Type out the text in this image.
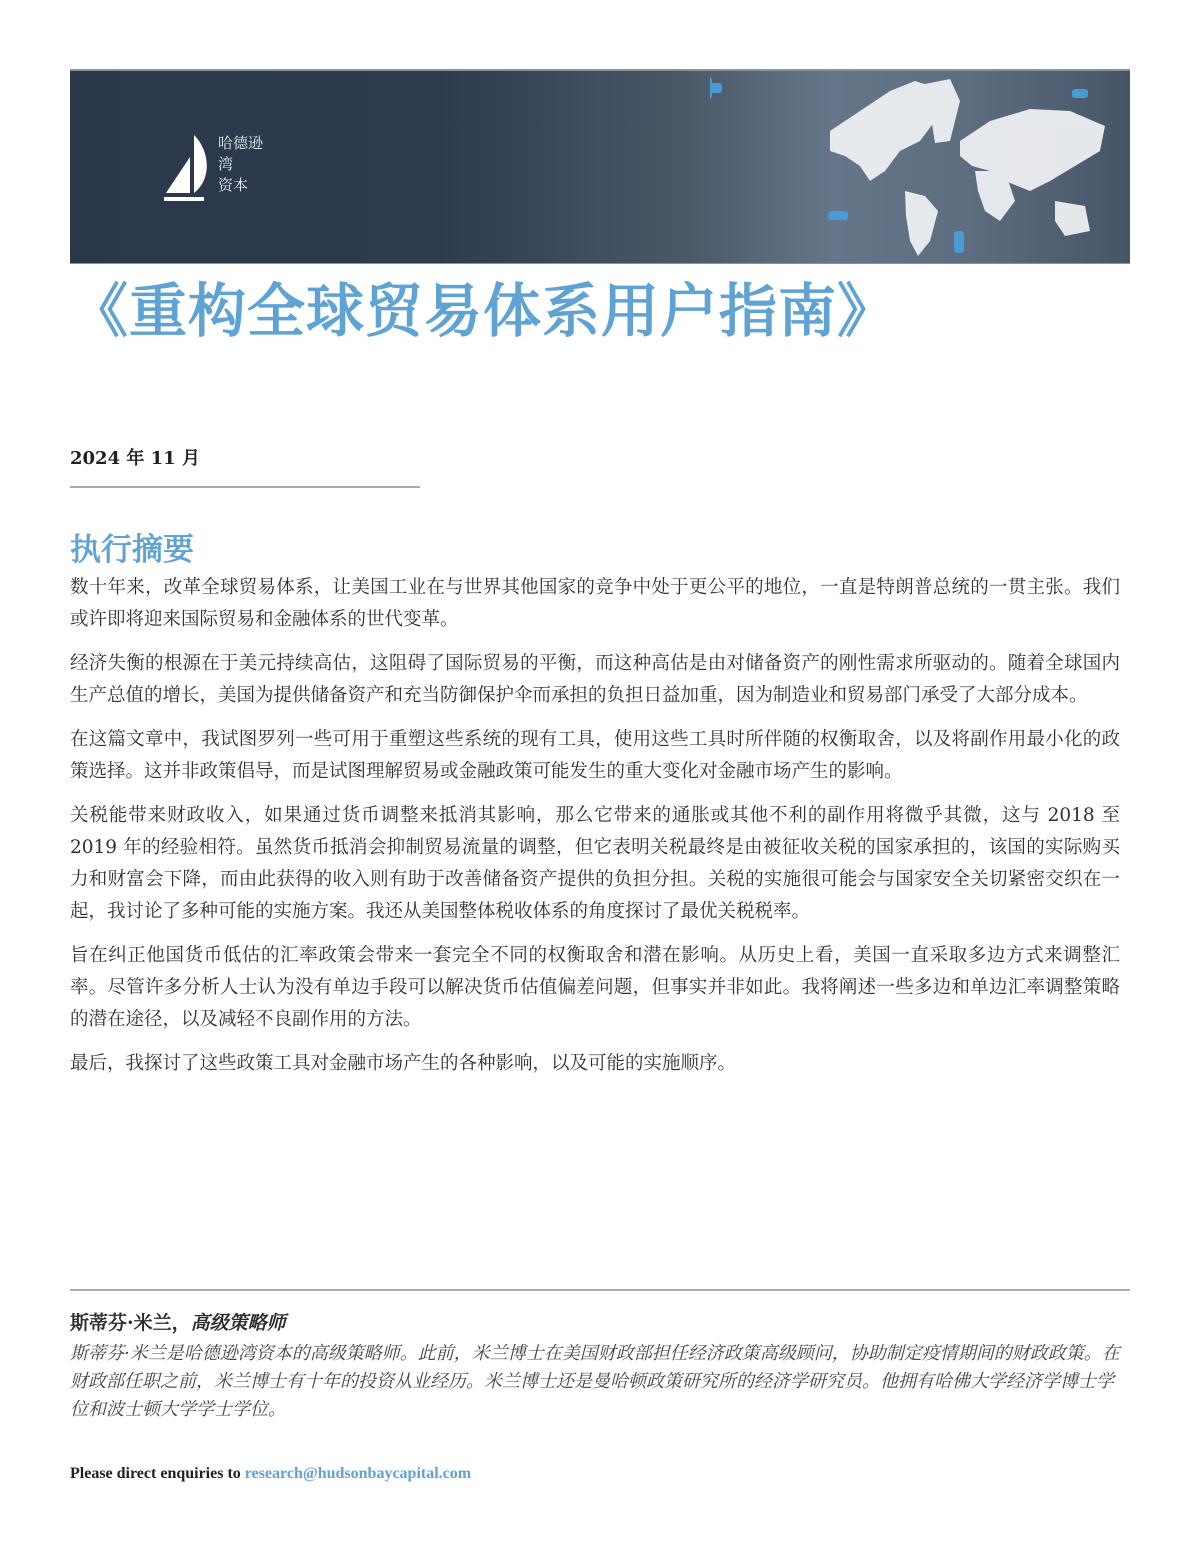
哈德逊
湾
资本
《重构全球贸易体系用户指南》
2024 年 11 月
执行摘要

数十年来，改革全球贸易体系，让美国工业在与世界其他国家的竞争中处于更公平的地位，一直是特朗普总统的一贯主张。我们或许即将迎来国际贸易和金融体系的世代变革。

经济失衡的根源在于美元持续高估，这阻碍了国际贸易的平衡，而这种高估是由对储备资产的刚性需求所驱动的。随着全球国内生产总值的增长，美国为提供储备资产和充当防御保护伞而承担的负担日益加重，因为制造业和贸易部门承受了大部分成本。

在这篇文章中，我试图罗列一些可用于重塑这些系统的现有工具，使用这些工具时所伴随的权衡取舍，以及将副作用最小化的政策选择。这并非政策倡导，而是试图理解贸易或金融政策可能发生的重大变化对金融市场产生的影响。

关税能带来财政收入，如果通过货币调整来抵消其影响，那么它带来的通胀或其他不利的副作用将微乎其微，这与 2018 至 2019 年的经验相符。虽然货币抵消会抑制贸易流量的调整，但它表明关税最终是由被征收关税的国家承担的，该国的实际购买力和财富会下降，而由此获得的收入则有助于改善储备资产提供的负担分担。关税的实施很可能会与国家安全关切紧密交织在一起，我讨论了多种可能的实施方案。我还从美国整体税收体系的角度探讨了最优关税税率。

旨在纠正他国货币低估的汇率政策会带来一套完全不同的权衡取舍和潜在影响。从历史上看，美国一直采取多边方式来调整汇率。尽管许多分析人士认为没有单边手段可以解决货币估值偏差问题，但事实并非如此。我将阐述一些多边和单边汇率调整策略的潜在途径，以及减轻不良副作用的方法。

最后，我探讨了这些政策工具对金融市场产生的各种影响，以及可能的实施顺序。

斯蒂芬·米兰，高级策略师
斯蒂芬·米兰是哈德逊湾资本的高级策略师。此前，米兰博士在美国财政部担任经济政策高级顾问，协助制定疫情期间的财政政策。在财政部任职之前，米兰博士有十年的投资从业经历。米兰博士还是曼哈顿政策研究所的经济学研究员。他拥有哈佛大学经济学博士学位和波士顿大学学士学位。
Please direct enquiries to research@hudsonbaycapital.com
